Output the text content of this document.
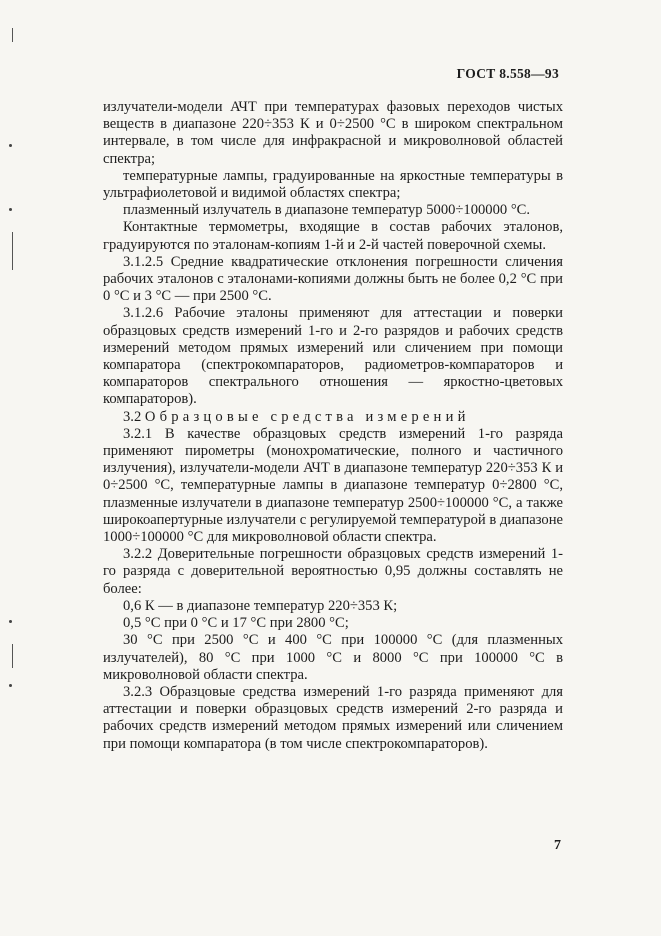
ГОСТ 8.558—93

излучатели-модели АЧТ при температурах фазовых переходов чистых веществ в диапазоне 220÷353 К и 0÷2500 °С в широком спектральном интервале, в том числе для инфракрасной и микроволновой областей спектра;

температурные лампы, градуированные на яркостные температуры в ультрафиолетовой и видимой областях спектра;

плазменный излучатель в диапазоне температур 5000÷100000 °С.

Контактные термометры, входящие в состав рабочих эталонов, градуируются по эталонам-копиям 1-й и 2-й частей поверочной схемы.

3.1.2.5 Средние квадратические отклонения погрешности сличения рабочих эталонов с эталонами-копиями должны быть не более 0,2 °С при 0 °С и 3 °С — при 2500 °С.

3.1.2.6 Рабочие эталоны применяют для аттестации и поверки образцовых средств измерений 1-го и 2-го разрядов и рабочих средств измерений методом прямых измерений или сличением при помощи компаратора (спектрокомпараторов, радиометров-компараторов и компараторов спектрального отношения — яркостно-цветовых компараторов).

3.2 Образцовые средства измерений

3.2.1 В качестве образцовых средств измерений 1-го разряда применяют пирометры (монохроматические, полного и частичного излучения), излучатели-модели АЧТ в диапазоне температур 220÷353 К и 0÷2500 °С, температурные лампы в диапазоне температур 0÷2800 °С, плазменные излучатели в диапазоне температур 2500÷100000 °С, а также широкоапертурные излучатели с регулируемой температурой в диапазоне 1000÷100000 °С для микроволновой области спектра.

3.2.2 Доверительные погрешности образцовых средств измерений 1-го разряда с доверительной вероятностью 0,95 должны составлять не более:

0,6 К — в диапазоне температур 220÷353 К;

0,5 °С при 0 °С и 17 °С при 2800 °С;

30 °С при 2500 °С и 400 °С при 100000 °С (для плазменных излучателей), 80 °С при 1000 °С и 8000 °С при 100000 °С в микроволновой области спектра.

3.2.3 Образцовые средства измерений 1-го разряда применяют для аттестации и поверки образцовых средств измерений 2-го разряда и рабочих средств измерений методом прямых измерений или сличением при помощи компаратора (в том числе спектрокомпараторов).

7
